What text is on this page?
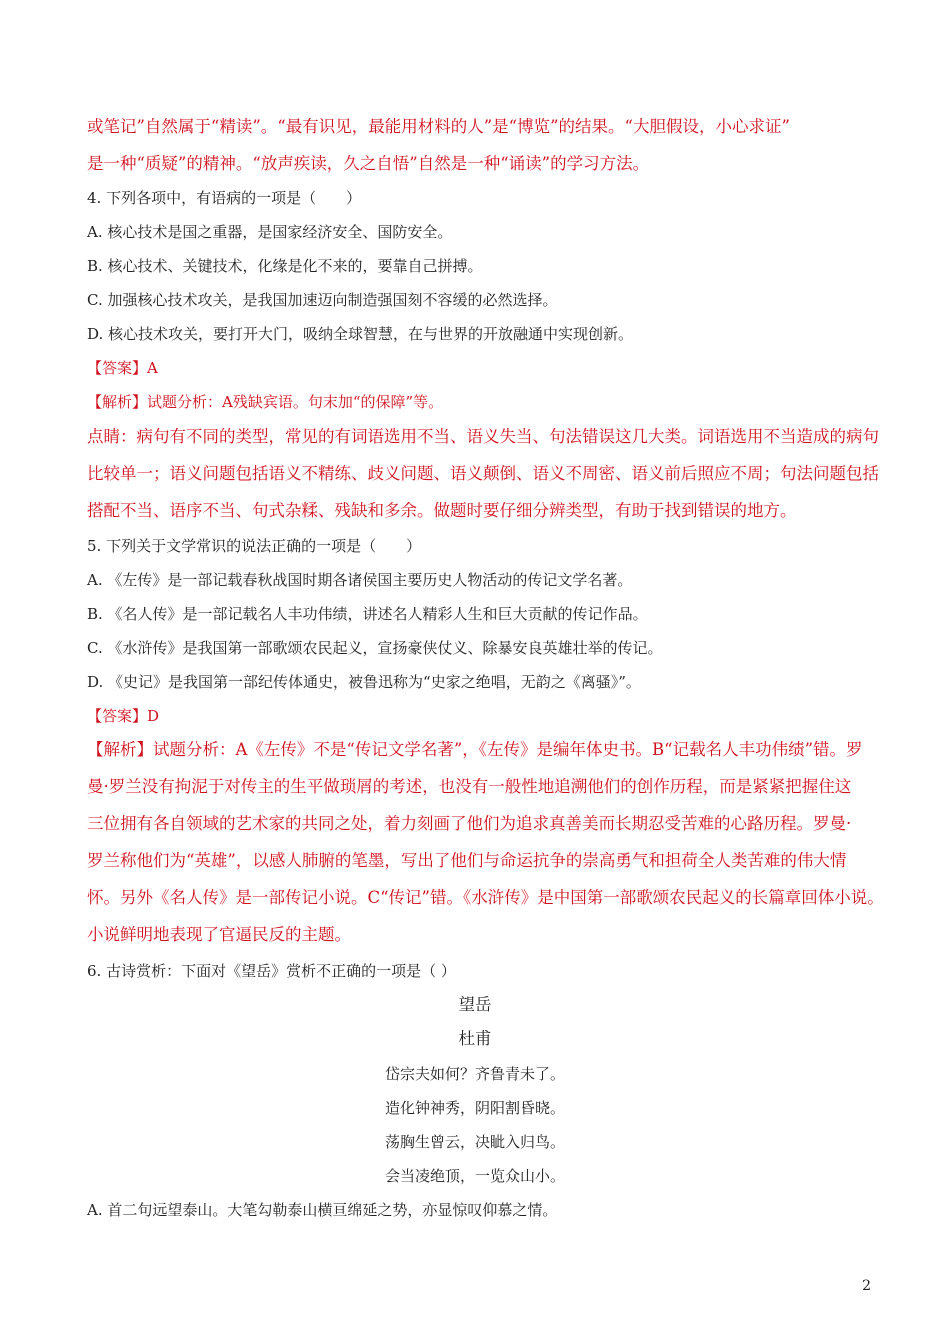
或笔记”自然属于“精读”。“最有识见，最能用材料的人”是“博览”的结果。“大胆假设，小心求证”
是一种“质疑”的精神。“放声疾读，久之自悟”自然是一种“诵读”的学习方法。
4. 下列各项中，有语病的一项是（　　）
A. 核心技术是国之重器，是国家经济安全、国防安全。
B. 核心技术、关键技术，化缘是化不来的，要靠自己拼搏。
C. 加强核心技术攻关，是我国加速迈向制造强国刻不容缓的必然选择。
D. 核心技术攻关，要打开大门，吸纳全球智慧，在与世界的开放融通中实现创新。
【答案】A
【解析】试题分析：A残缺宾语。句末加“的保障”等。
点睛：病句有不同的类型，常见的有词语选用不当、语义失当、句法错误这几大类。词语选用不当造成的病句
比较单一；语义问题包括语义不精练、歧义问题、语义颠倒、语义不周密、语义前后照应不周；句法问题包括
搭配不当、语序不当、句式杂糅、残缺和多余。做题时要仔细分辨类型，有助于找到错误的地方。
5. 下列关于文学常识的说法正确的一项是（　　）
A. 《左传》是一部记载春秋战国时期各诸侯国主要历史人物活动的传记文学名著。
B. 《名人传》是一部记载名人丰功伟绩，讲述名人精彩人生和巨大贡献的传记作品。
C. 《水浒传》是我国第一部歌颂农民起义，宣扬豪侠仗义、除暴安良英雄壮举的传记。
D. 《史记》是我国第一部纪传体通史，被鲁迅称为“史家之绝唱，无韵之《离骚》”。
【答案】D
【解析】试题分析：A《左传》不是“传记文学名著”，《左传》是编年体史书。B“记载名人丰功伟绩”错。罗
曼·罗兰没有拘泥于对传主的生平做琐屑的考述，也没有一般性地追溯他们的创作历程，而是紧紧把握住这
三位拥有各自领域的艺术家的共同之处，着力刻画了他们为追求真善美而长期忍受苦难的心路历程。罗曼·
罗兰称他们为“英雄”，以感人肺腑的笔墨，写出了他们与命运抗争的崇高勇气和担荷全人类苦难的伟大情
怀。另外《名人传》是一部传记小说。C“传记”错。《水浒传》是中国第一部歌颂农民起义的长篇章回体小说。
小说鲜明地表现了官逼民反的主题。
6. 古诗赏析：下面对《望岳》赏析不正确的一项是（ ）
望岳
杜甫
岱宗夫如何？齐鲁青未了。
造化钟神秀，阴阳割昏晓。
荡胸生曾云，决眦入归鸟。
会当凌绝顶，一览众山小。
A. 首二句远望泰山。大笔勾勒泰山横亘绵延之势，亦显惊叹仰慕之情。
2
